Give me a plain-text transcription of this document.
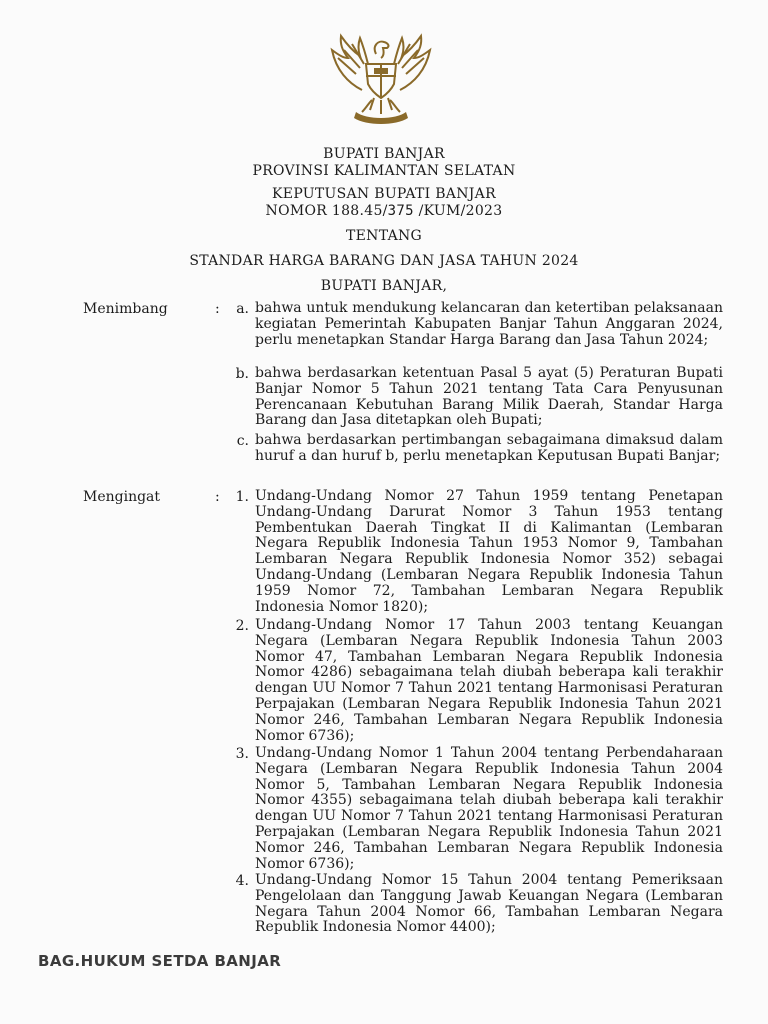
BUPATI BANJAR
PROVINSI KALIMANTAN SELATAN
KEPUTUSAN BUPATI BANJAR
NOMOR 188.45/375 /KUM/2023
TENTANG
STANDAR HARGA BARANG DAN JASA TAHUN 2024
BUPATI BANJAR,
Menimbang	:	a. bahwa untuk mendukung kelancaran dan ketertiban pelaksanaan kegiatan Pemerintah Kabupaten Banjar Tahun Anggaran 2024, perlu menetapkan Standar Harga Barang dan Jasa Tahun 2024;
b. bahwa berdasarkan ketentuan Pasal 5 ayat (5) Peraturan Bupati Banjar Nomor 5 Tahun 2021 tentang Tata Cara Penyusunan Perencanaan Kebutuhan Barang Milik Daerah, Standar Harga Barang dan Jasa ditetapkan oleh Bupati;
c. bahwa berdasarkan pertimbangan sebagaimana dimaksud dalam huruf a dan huruf b, perlu menetapkan Keputusan Bupati Banjar;
Mengingat	:	1. Undang-Undang Nomor 27 Tahun 1959 tentang Penetapan Undang-Undang Darurat Nomor 3 Tahun 1953 tentang Pembentukan Daerah Tingkat II di Kalimantan (Lembaran Negara Republik Indonesia Tahun 1953 Nomor 9, Tambahan Lembaran Negara Republik Indonesia Nomor 352) sebagai Undang-Undang (Lembaran Negara Republik Indonesia Tahun 1959 Nomor 72, Tambahan Lembaran Negara Republik Indonesia Nomor 1820);
2. Undang-Undang Nomor 17 Tahun 2003 tentang Keuangan Negara (Lembaran Negara Republik Indonesia Tahun 2003 Nomor 47, Tambahan Lembaran Negara Republik Indonesia Nomor 4286) sebagaimana telah diubah beberapa kali terakhir dengan UU Nomor 7 Tahun 2021 tentang Harmonisasi Peraturan Perpajakan (Lembaran Negara Republik Indonesia Tahun 2021 Nomor 246, Tambahan Lembaran Negara Republik Indonesia Nomor 6736);
3. Undang-Undang Nomor 1 Tahun 2004 tentang Perbendaharaan Negara (Lembaran Negara Republik Indonesia Tahun 2004 Nomor 5, Tambahan Lembaran Negara Republik Indonesia Nomor 4355) sebagaimana telah diubah beberapa kali terakhir dengan UU Nomor 7 Tahun 2021 tentang Harmonisasi Peraturan Perpajakan (Lembaran Negara Republik Indonesia Tahun 2021 Nomor 246, Tambahan Lembaran Negara Republik Indonesia Nomor 6736);
4. Undang-Undang Nomor 15 Tahun 2004 tentang Pemeriksaan Pengelolaan dan Tanggung Jawab Keuangan Negara (Lembaran Negara Tahun 2004 Nomor 66, Tambahan Lembaran Negara Republik Indonesia Nomor 4400);
BAG.HUKUM SETDA BANJAR
